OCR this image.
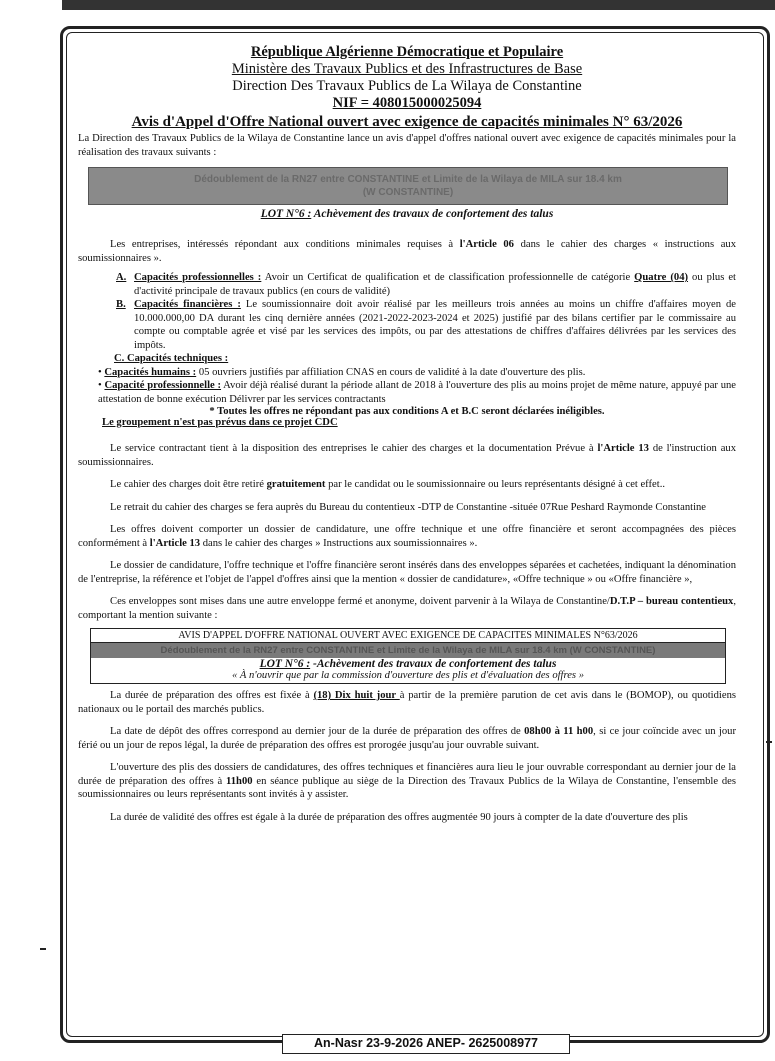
République Algérienne Démocratique et Populaire
Ministère des Travaux Publics et des Infrastructures de Base
Direction Des Travaux Publics de La Wilaya de Constantine
NIF = 408015000025094
Avis d'Appel d'Offre National ouvert avec exigence de capacités minimales N° 63/2026

La Direction des Travaux Publics de la Wilaya de Constantine lance un avis d'appel d'offres national ouvert avec exigence de capacités minimales pour la réalisation des travaux suivants :

Dédoublement de la RN27 entre CONSTANTINE et Limite de la Wilaya de MILA sur 18.4 km
(W CONSTANTINE)
LOT N°6 : Achèvement des travaux de confortement des talus

Les entreprises, intéressés répondant aux conditions minimales requises à l'Article 06 dans le cahier des charges « instructions aux soumissionnaires ».

A. Capacités professionnelles : Avoir un Certificat de qualification et de classification professionnelle de catégorie Quatre (04) ou plus et d'activité principale de travaux publics (en cours de validité)
B. Capacités financières : Le soumissionnaire doit avoir réalisé par les meilleurs trois années au moins un chiffre d'affaires moyen de 10.000.000,00 DA durant les cinq dernière années (2021-2022-2023-2024 et 2025) justifié par des bilans certifier par le commissaire au compte ou comptable agrée et visé par les services des impôts, ou par des attestations de chiffres d'affaires délivrées par les services des impôts.
C. Capacités techniques :
• Capacités humains : 05 ouvriers justifiés par affiliation CNAS en cours de validité à la date d'ouverture des plis.
• Capacité professionnelle : Avoir déjà réalisé durant la période allant de 2018 à l'ouverture des plis au moins projet de même nature, appuyé par une attestation de bonne exécution Délivrer par les services contractants
* Toutes les offres ne répondant pas aux conditions A et B.C seront déclarées inéligibles.
Le groupement n'est pas prévus dans ce projet CDC

Le service contractant tient à la disposition des entreprises le cahier des charges et la documentation Prévue à l'Article 13 de l'instruction aux soumissionnaires.

Le cahier des charges doit être retiré gratuitement par le candidat ou le soumissionnaire ou leurs représentants désigné à cet effet..

Le retrait du cahier des charges se fera auprès du Bureau du contentieux -DTP de Constantine -située 07Rue Peshard Raymonde Constantine

Les offres doivent comporter un dossier de candidature, une offre technique et une offre financière et seront accompagnées des pièces conformément à l'Article 13 dans le cahier des charges » Instructions aux soumissionnaires ».

Le dossier de candidature, l'offre technique et l'offre financière seront insérés dans des enveloppes séparées et cachetées, indiquant la dénomination de l'entreprise, la référence et l'objet de l'appel d'offres ainsi que la mention « dossier de candidature», «Offre technique » ou «Offre financière »,

Ces enveloppes sont mises dans une autre enveloppe fermé et anonyme, doivent parvenir à la Wilaya de Constantine/D.T.P – bureau contentieux, comportant la mention suivante :

AVIS D'APPEL D'OFFRE NATIONAL OUVERT AVEC EXIGENCE DE CAPACITES MINIMALES N°63/2026
Dédoublement de la RN27 entre CONSTANTINE et Limite de la Wilaya de MILA sur 18.4 km (W CONSTANTINE)
LOT N°6 : -Achèvement des travaux de confortement des talus
« À n'ouvrir que par la commission d'ouverture des plis et d'évaluation des offres »

La durée de préparation des offres est fixée à (18) Dix huit jour à partir de la première parution de cet avis dans le (BOMOP), ou quotidiens nationaux ou le portail des marchés publics.

La date de dépôt des offres correspond au dernier jour de la durée de préparation des offres de 08h00 à 11 h00, si ce jour coïncide avec un jour férié ou un jour de repos légal, la durée de préparation des offres est prorogée jusqu'au jour ouvrable suivant.

L'ouverture des plis des dossiers de candidatures, des offres techniques et financières aura lieu le jour ouvrable correspondant au dernier jour de la durée de préparation des offres à 11h00 en séance publique au siège de la Direction des Travaux Publics de la Wilaya de Constantine, l'ensemble des soumissionnaires ou leurs représentants sont invités à y assister.

La durée de validité des offres est égale à la durée de préparation des offres augmentée 90 jours à compter de la date d'ouverture des plis

An-Nasr 23-9-2026 ANEP- 2625008977
